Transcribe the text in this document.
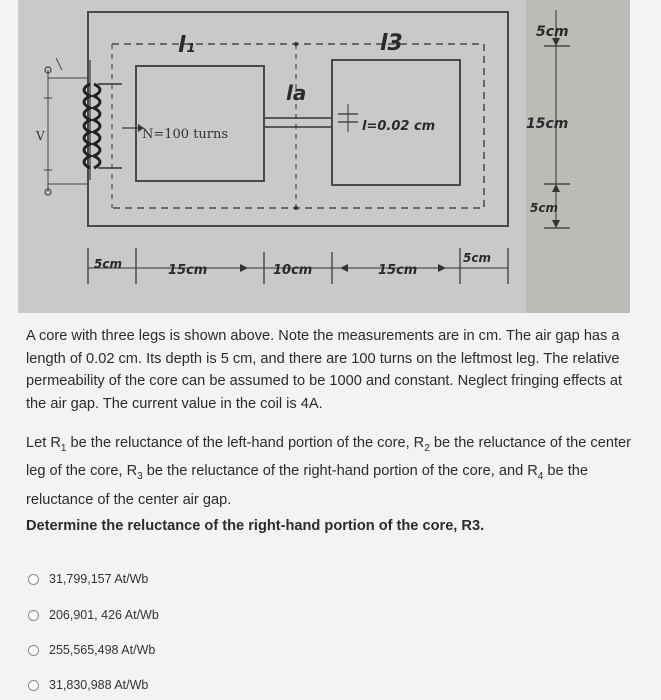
l₁
la
l3
V	N=100 turns
l=0.02 cm
5cm	15cm	10cm	15cm
5cm
5cm
15cm
5cm

A core with three legs is shown above. Note the measurements are in cm. The air gap has a length of 0.02 cm. Its depth is 5 cm, and there are 100 turns on the leftmost leg. The relative permeability of the core can be assumed to be 1000 and constant. Neglect fringing effects at the air gap. The current value in the coil is 4A.

Let $R_1$ be the reluctance of the left-hand portion of the core, $R_2$ be the reluctance of the center leg of the core, $R_3$ be the reluctance of the right-hand portion of the core, and $R_4$ be the reluctance of the center air gap.

Determine the reluctance of the right-hand portion of the core, R3.

31,799,157 At/Wb
206,901, 426 At/Wb
255,565,498 At/Wb
31,830,988 At/Wb
